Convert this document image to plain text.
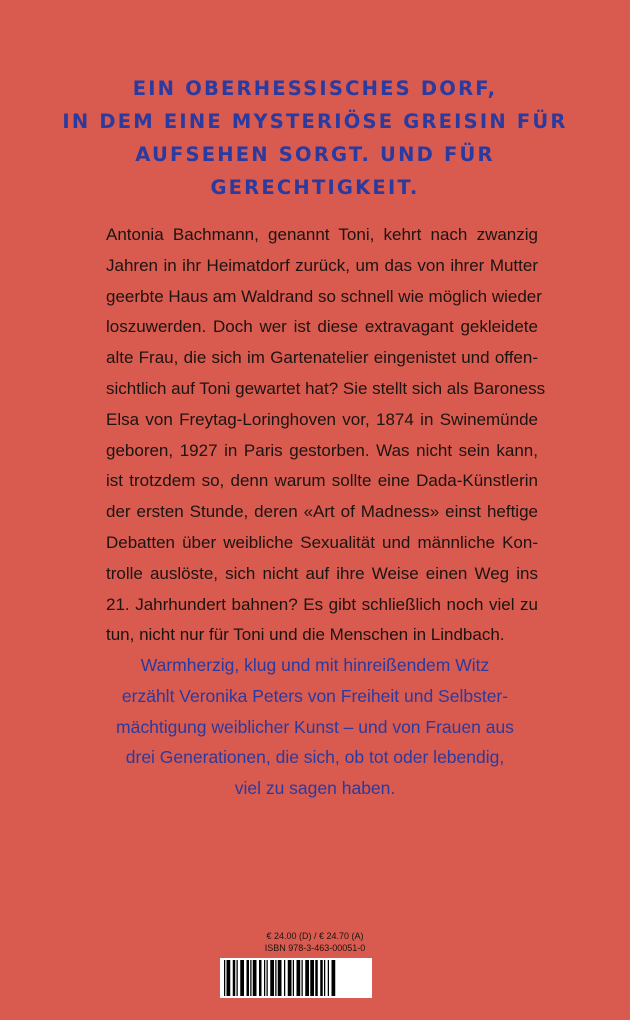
EIN OBERHESSISCHES DORF,
IN DEM EINE MYSTERIÖSE GREISIN FÜR
AUFSEHEN SORGT. UND FÜR
GERECHTIGKEIT.
Antonia Bachmann, genannt Toni, kehrt nach zwanzig
Jahren in ihr Heimatdorf zurück, um das von ihrer Mutter
geerbte Haus am Waldrand so schnell wie möglich wieder
loszuwerden. Doch wer ist diese extravagant gekleidete
alte Frau, die sich im Gartenatelier eingenistet und offen-
sichtlich auf Toni gewartet hat? Sie stellt sich als Baroness
Elsa von Freytag-Loringhoven vor, 1874 in Swinemünde
geboren, 1927 in Paris gestorben. Was nicht sein kann,
ist trotzdem so, denn warum sollte eine Dada-Künstlerin
der ersten Stunde, deren «Art of Madness» einst heftige
Debatten über weibliche Sexualität und männliche Kon-
trolle auslöste, sich nicht auf ihre Weise einen Weg ins
21. Jahrhundert bahnen? Es gibt schließlich noch viel zu
tun, nicht nur für Toni und die Menschen in Lindbach.
Warmherzig, klug und mit hinreißendem Witz
erzählt Veronika Peters von Freiheit und Selbster-
mächtigung weiblicher Kunst – und von Frauen aus
drei Generationen, die sich, ob tot oder lebendig,
viel zu sagen haben.
€ 24.00 (D) / € 24.70 (A)
ISBN 978-3-463-00051-0
